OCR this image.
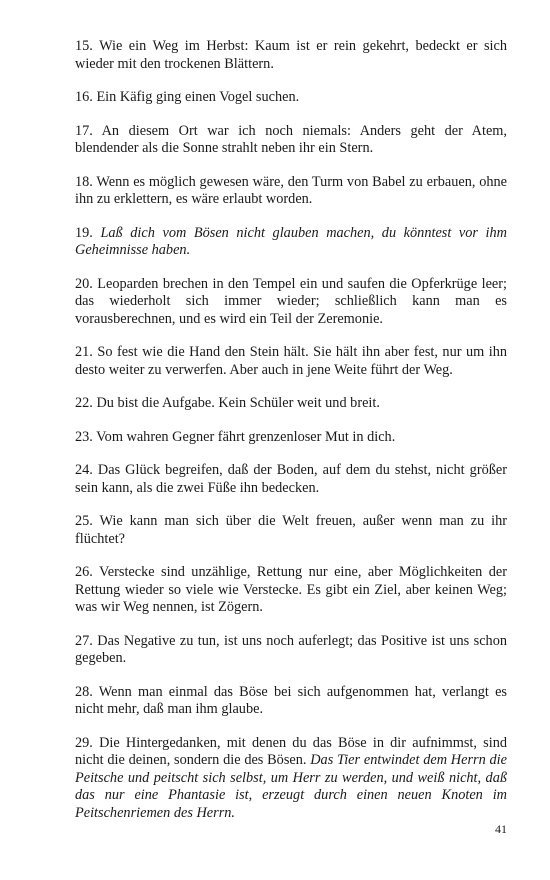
15. Wie ein Weg im Herbst: Kaum ist er rein gekehrt, bedeckt er sich wieder mit den trockenen Blättern.

16. Ein Käfig ging einen Vogel suchen.

17. An diesem Ort war ich noch niemals: Anders geht der Atem, blendender als die Sonne strahlt neben ihr ein Stern.

18. Wenn es möglich gewesen wäre, den Turm von Babel zu erbauen, ohne ihn zu erklettern, es wäre erlaubt worden.

19. Laß dich vom Bösen nicht glauben machen, du könntest vor ihm Geheimnisse haben.

20. Leoparden brechen in den Tempel ein und saufen die Opferkrüge leer; das wiederholt sich immer wieder; schließlich kann man es vorausberechnen, und es wird ein Teil der Zeremonie.

21. So fest wie die Hand den Stein hält. Sie hält ihn aber fest, nur um ihn desto weiter zu verwerfen. Aber auch in jene Weite führt der Weg.

22. Du bist die Aufgabe. Kein Schüler weit und breit.

23. Vom wahren Gegner fährt grenzenloser Mut in dich.

24. Das Glück begreifen, daß der Boden, auf dem du stehst, nicht größer sein kann, als die zwei Füße ihn bedecken.

25. Wie kann man sich über die Welt freuen, außer wenn man zu ihr flüchtet?

26. Verstecke sind unzählige, Rettung nur eine, aber Möglichkeiten der Rettung wieder so viele wie Verstecke. Es gibt ein Ziel, aber keinen Weg; was wir Weg nennen, ist Zögern.

27. Das Negative zu tun, ist uns noch auferlegt; das Positive ist uns schon gegeben.

28. Wenn man einmal das Böse bei sich aufgenommen hat, verlangt es nicht mehr, daß man ihm glaube.

29. Die Hintergedanken, mit denen du das Böse in dir aufnimmst, sind nicht die deinen, sondern die des Bösen. Das Tier entwindet dem Herrn die Peitsche und peitscht sich selbst, um Herr zu werden, und weiß nicht, daß das nur eine Phantasie ist, erzeugt durch einen neuen Knoten im Peitschenriemen des Herrn.

41
